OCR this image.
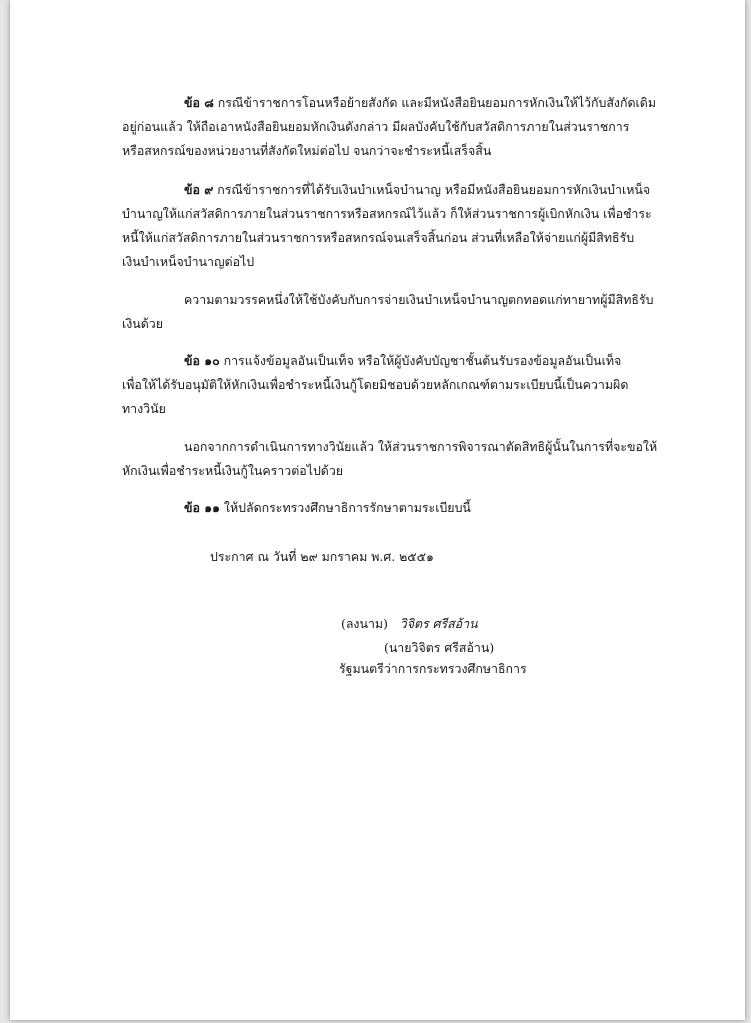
ข้อ ๘ กรณีข้าราชการโอนหรือย้ายสังกัด และมีหนังสือยินยอมการหักเงินให้ไว้กับสังกัดเดิม
อยู่ก่อนแล้ว ให้ถือเอาหนังสือยินยอมหักเงินดังกล่าว มีผลบังคับใช้กับสวัสดิการภายในส่วนราชการ
หรือสหกรณ์ของหน่วยงานที่สังกัดใหม่ต่อไป จนกว่าจะชำระหนี้เสร็จสิ้น
ข้อ ๙ กรณีข้าราชการที่ได้รับเงินบำเหน็จบำนาญ หรือมีหนังสือยินยอมการหักเงินบำเหน็จ
บำนาญให้แก่สวัสดิการภายในส่วนราชการหรือสหกรณ์ไว้แล้ว ก็ให้ส่วนราชการผู้เบิกหักเงิน เพื่อชำระ
หนี้ให้แก่สวัสดิการภายในส่วนราชการหรือสหกรณ์จนเสร็จสิ้นก่อน ส่วนที่เหลือให้จ่ายแก่ผู้มีสิทธิรับ
เงินบำเหน็จบำนาญต่อไป
ความตามวรรคหนึ่งให้ใช้บังคับกับการจ่ายเงินบำเหน็จบำนาญตกทอดแก่ทายาทผู้มีสิทธิรับ
เงินด้วย
ข้อ ๑๐ การแจ้งข้อมูลอันเป็นเท็จ หรือให้ผู้บังคับบัญชาชั้นต้นรับรองข้อมูลอันเป็นเท็จ
เพื่อให้ได้รับอนุมัติให้หักเงินเพื่อชำระหนี้เงินกู้โดยมิชอบด้วยหลักเกณฑ์ตามระเบียบนี้เป็นความผิด
ทางวินัย
นอกจากการดำเนินการทางวินัยแล้ว ให้ส่วนราชการพิจารณาตัดสิทธิผู้นั้นในการที่จะขอให้
หักเงินเพื่อชำระหนี้เงินกู้ในคราวต่อไปด้วย
ข้อ ๑๑ ให้ปลัดกระทรวงศึกษาธิการรักษาตามระเบียบนี้

ประกาศ ณ วันที่ ๒๙ มกราคม พ.ศ. ๒๕๕๑

(ลงนาม) วิจิตร ศรีสอ้าน

(นายวิจิตร ศรีสอ้าน)

รัฐมนตรีว่าการกระทรวงศึกษาธิการ
